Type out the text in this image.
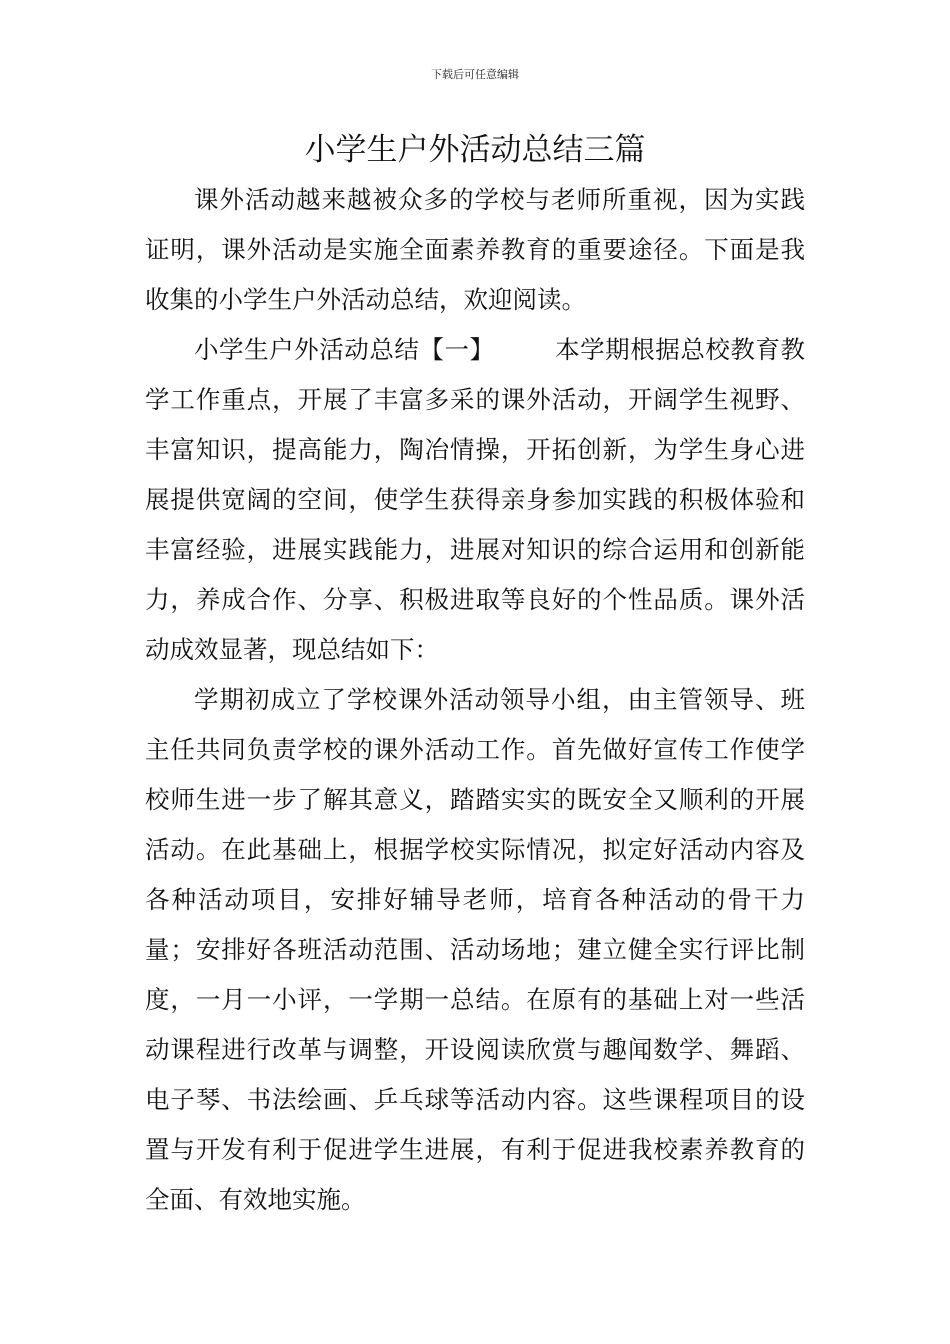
下载后可任意编辑
小学生户外活动总结三篇

课外活动越来越被众多的学校与老师所重视，因为实践证明，课外活动是实施全面素养教育的重要途径。下面是我收集的小学生户外活动总结，欢迎阅读。

小学生户外活动总结【一】 本学期根据总校教育教学工作重点，开展了丰富多采的课外活动，开阔学生视野、丰富知识，提高能力，陶冶情操，开拓创新，为学生身心进展提供宽阔的空间，使学生获得亲身参加实践的积极体验和丰富经验，进展实践能力，进展对知识的综合运用和创新能力，养成合作、分享、积极进取等良好的个性品质。课外活动成效显著，现总结如下：

学期初成立了学校课外活动领导小组，由主管领导、班主任共同负责学校的课外活动工作。首先做好宣传工作使学校师生进一步了解其意义，踏踏实实的既安全又顺利的开展活动。在此基础上，根据学校实际情况，拟定好活动内容及各种活动项目，安排好辅导老师，培育各种活动的骨干力量；安排好各班活动范围、活动场地；建立健全实行评比制度，一月一小评，一学期一总结。在原有的基础上对一些活动课程进行改革与调整，开设阅读欣赏与趣闻数学、舞蹈、电子琴、书法绘画、乒乓球等活动内容。这些课程项目的设置与开发有利于促进学生进展，有利于促进我校素养教育的全面、有效地实施。
